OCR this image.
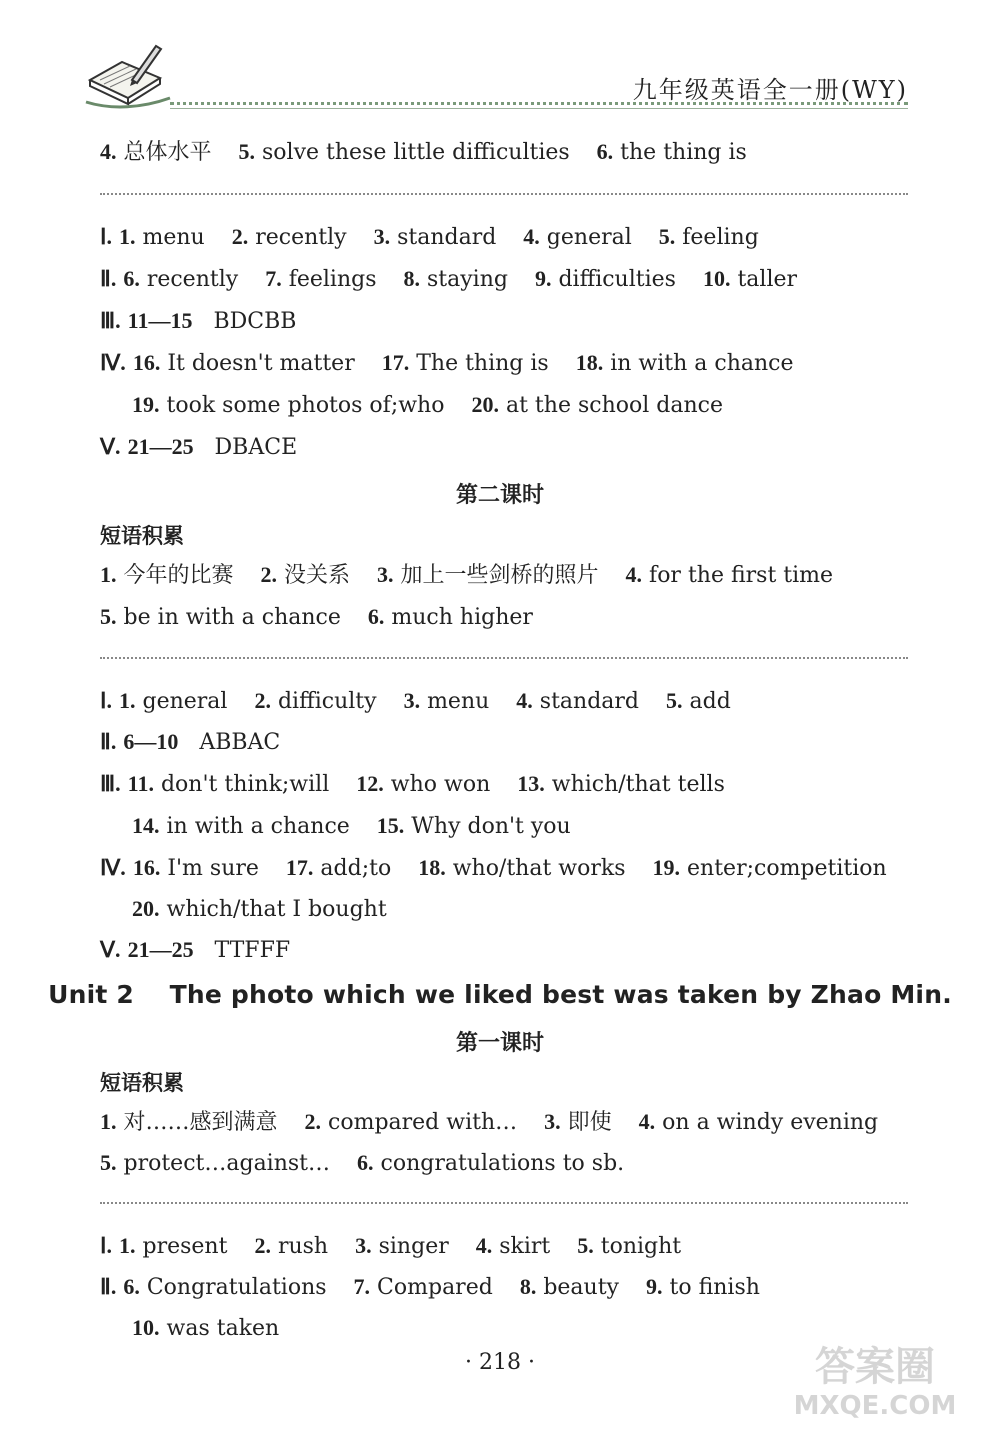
九年级英语全一册(WY)
4. 总体水平 5. solve these little difficulties 6. the thing is
Ⅰ. 1. menu 2. recently 3. standard 4. general 5. feeling
Ⅱ. 6. recently 7. feelings 8. staying 9. difficulties 10. taller
Ⅲ. 11—15 BDCBB
Ⅳ. 16. It doesn't matter 17. The thing is 18. in with a chance
19. took some photos of;who 20. at the school dance
Ⅴ. 21—25 DBACE
第二课时
短语积累
1. 今年的比赛 2. 没关系 3. 加上一些剑桥的照片 4. for the first time
5. be in with a chance 6. much higher
Ⅰ. 1. general 2. difficulty 3. menu 4. standard 5. add
Ⅱ. 6—10 ABBAC
Ⅲ. 11. don't think;will 12. who won 13. which/that tells
14. in with a chance 15. Why don't you
Ⅳ. 16. I'm sure 17. add;to 18. who/that works 19. enter;competition
20. which/that I bought
Ⅴ. 21—25 TTFFF
Unit 2    The photo which we liked best was taken by Zhao Min.
第一课时
短语积累
1. 对……感到满意 2. compared with… 3. 即使 4. on a windy evening
5. protect…against… 6. congratulations to sb.
Ⅰ. 1. present 2. rush 3. singer 4. skirt 5. tonight
Ⅱ. 6. Congratulations 7. Compared 8. beauty 9. to finish
10. was taken
· 218 ·	答案圈
MXQE.COM
